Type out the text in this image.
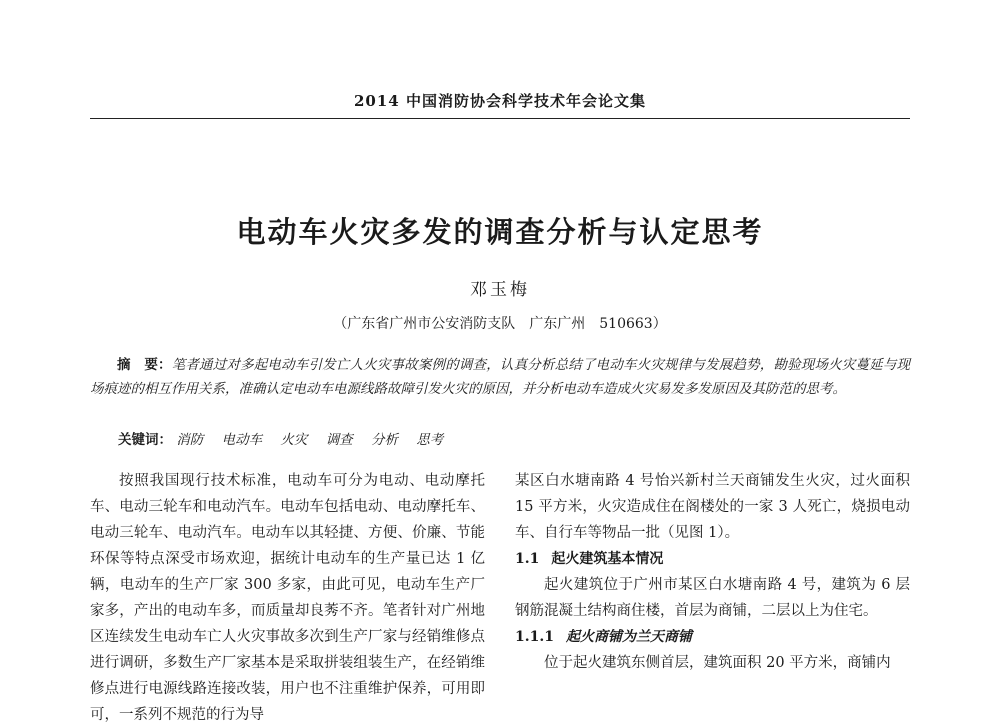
2014 中国消防协会科学技术年会论文集
电动车火灾多发的调查分析与认定思考
邓玉梅
（广东省广州市公安消防支队　广东广州　510663）
摘　要：笔者通过对多起电动车引发亡人火灾事故案例的调查，认真分析总结了电动车火灾规律与发展趋势，勘验现场火灾蔓延与现场痕迹的相互作用关系，准确认定电动车电源线路故障引发火灾的原因，并分析电动车造成火灾易发多发原因及其防范的思考。
关键词： 消防 电动车 火灾 调查 分析 思考

按照我国现行技术标准，电动车可分为电动、电动摩托车、电动三轮车和电动汽车。电动车包括电动、电动摩托车、电动三轮车、电动汽车。电动车以其轻捷、方便、价廉、节能环保等特点深受市场欢迎，据统计电动车的生产量已达 1 亿辆，电动车的生产厂家 300 多家，由此可见，电动车生产厂家多，产出的电动车多，而质量却良莠不齐。笔者针对广州地区连续发生电动车亡人火灾事故多次到生产厂家与经销维修点进行调研，多数生产厂家基本是采取拼装组装生产，在经销维修点进行电源线路连接改装，用户也不注重维护保养，可用即可，一系列不规范的行为导

某区白水塘南路 4 号怡兴新村兰天商铺发生火灾，过火面积 15 平方米，火灾造成住在阁楼处的一家 3 人死亡，烧损电动车、自行车等物品一批（见图 1）。

1.1 起火建筑基本情况

起火建筑位于广州市某区白水塘南路 4 号，建筑为 6 层钢筋混凝土结构商住楼，首层为商铺，二层以上为住宅。

1.1.1 起火商铺为兰天商铺

位于起火建筑东侧首层，建筑面积 20 平方米，商铺内
